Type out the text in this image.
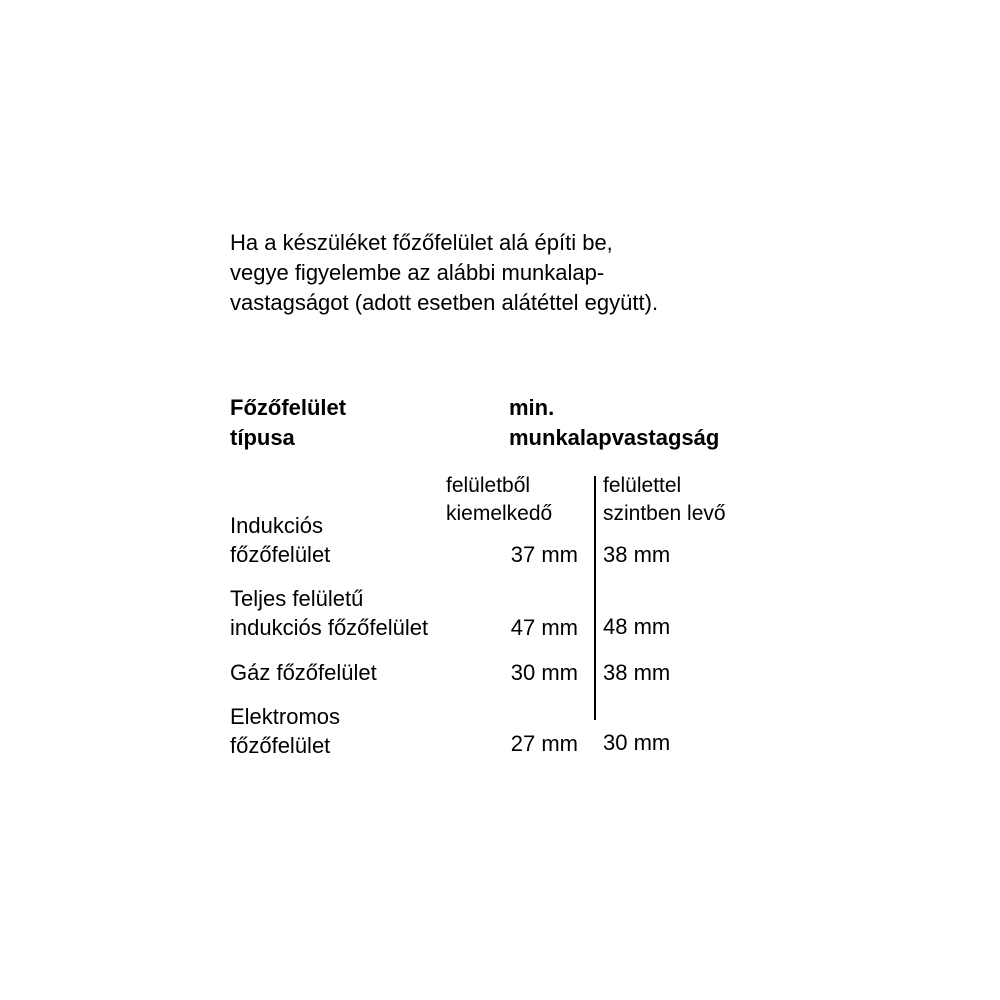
Ha a készüléket főzőfelület alá építi be,
vegye figyelembe az alábbi munkalap-
vastagságot (adott esetben alátéttel együtt).
Főzőfelület
típusa
min.
munkalapvastagság
felületből
kiemelkedő
felülettel
szintben levő
Indukciós
főzőfelület	37 mm 38 mm
Teljes felületű
indukciós főzőfelület	47 mm 48 mm
Gáz főzőfelület	30 mm 38 mm
Elektromos
főzőfelület	27 mm 30 mm
